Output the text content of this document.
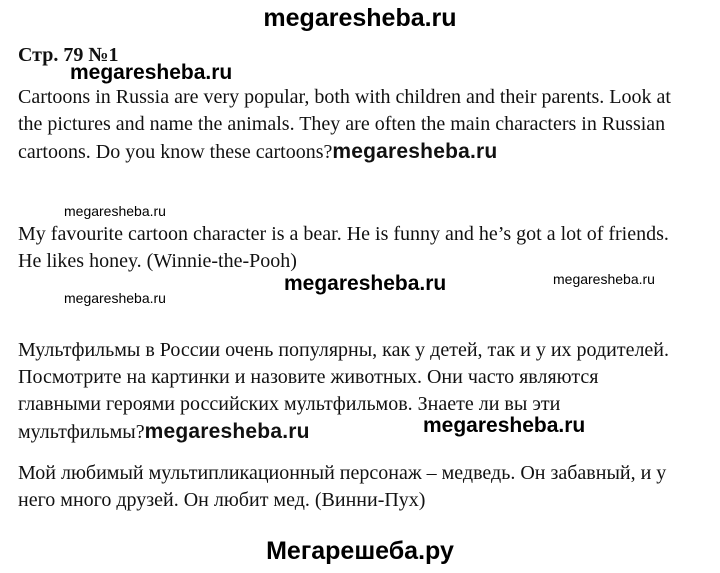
megaresheba.ru
Стр. 79 №1
megaresheba.ru
Cartoons in Russia are very popular, both with children and their parents. Look at
the pictures and name the animals. They are often the main characters in Russian
cartoons. Do you know these cartoons?megaresheba.ru
megaresheba.ru
My favourite cartoon character is a bear. He is funny and he’s got a lot of friends.
He likes honey. (Winnie-the-Pooh)
megaresheba.ru
megaresheba.ru
megaresheba.ru
Мультфильмы в России очень популярны, как у детей, так и у их родителей.
Посмотрите на картинки и назовите животных. Они часто являются
главными героями российских мультфильмов. Знаете ли вы эти
мультфильмы?megaresheba.ru	megaresheba.ru
Мой любимый мультипликационный персонаж – медведь. Он забавный, и у
него много друзей. Он любит мед. (Винни-Пух)
Мегарешеба.ру
